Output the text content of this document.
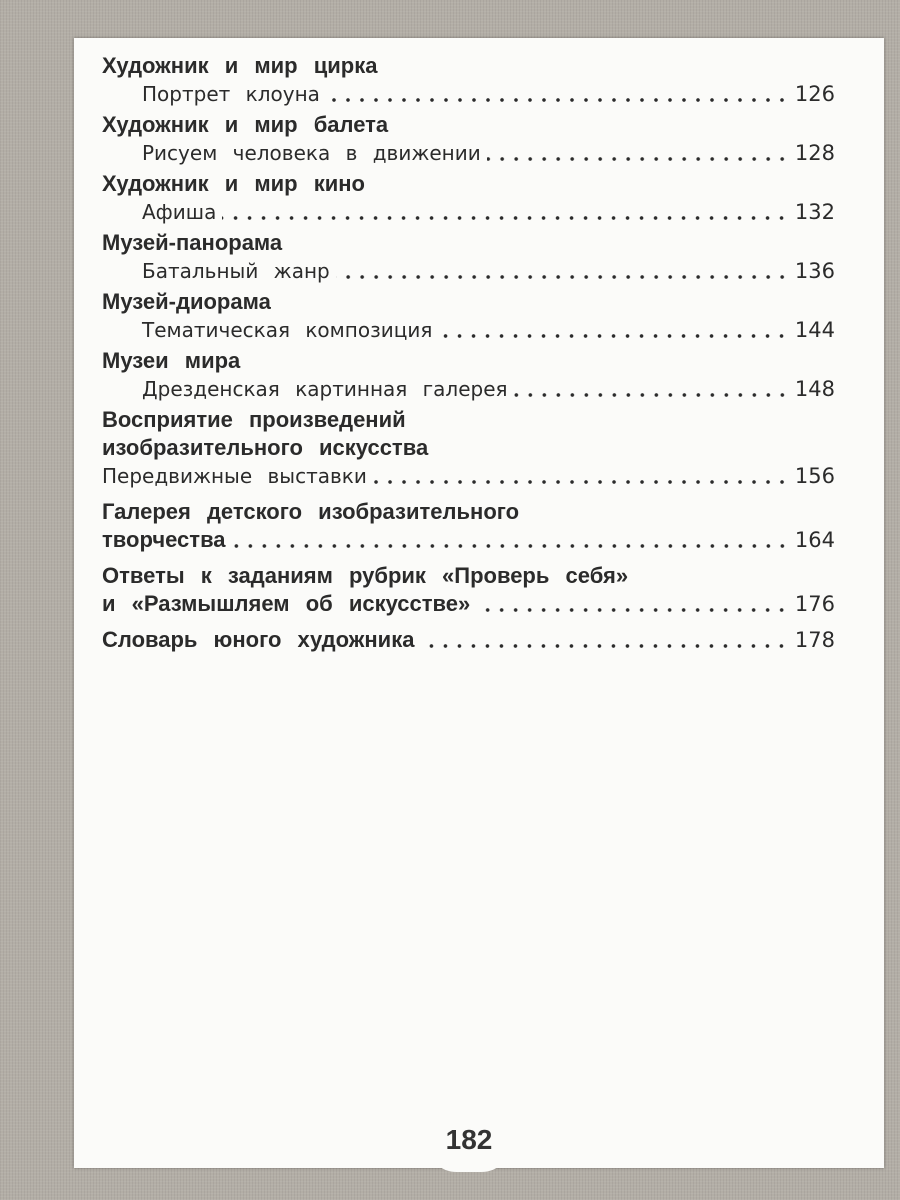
Художник и мир цирка
Портрет клоуна	126
Художник и мир балета
Рисуем человека в движении	128
Художник и мир кино
Афиша	132
Музей-панорама
Батальный жанр	136
Музей-диорама
Тематическая композиция	144
Музеи мира
Дрезденская картинная галерея	148
Восприятие произведений
изобразительного искусства
Передвижные выставки	156
Галерея детского изобразительного
творчества	164
Ответы к заданиям рубрик «Проверь себя»
и «Размышляем об искусстве»	176
Словарь юного художника	178
182
